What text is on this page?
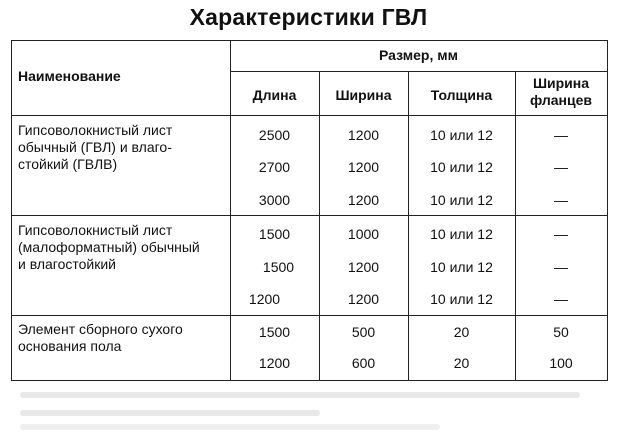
Характеристики ГВЛ
Наименование
Размер, мм
Длина	Ширина	Толщина
Ширина
фланцев
Гипсоволокнистый лист
обычный (ГВЛ) и влаго-
стойкий (ГВЛВ)
2500	1200	10 или 12	—
2700	1200	10 или 12	—
3000	1200	10 или 12	—
Гипсоволокнистый лист
(малоформатный) обычный
и влагостойкий
1500	1000	10 или 12	—
1500	1200	10 или 12	—
1200	1200	10 или 12	—
Элемент сборного сухого
основания пола
1500	500	20	50
1200	600	20	100
